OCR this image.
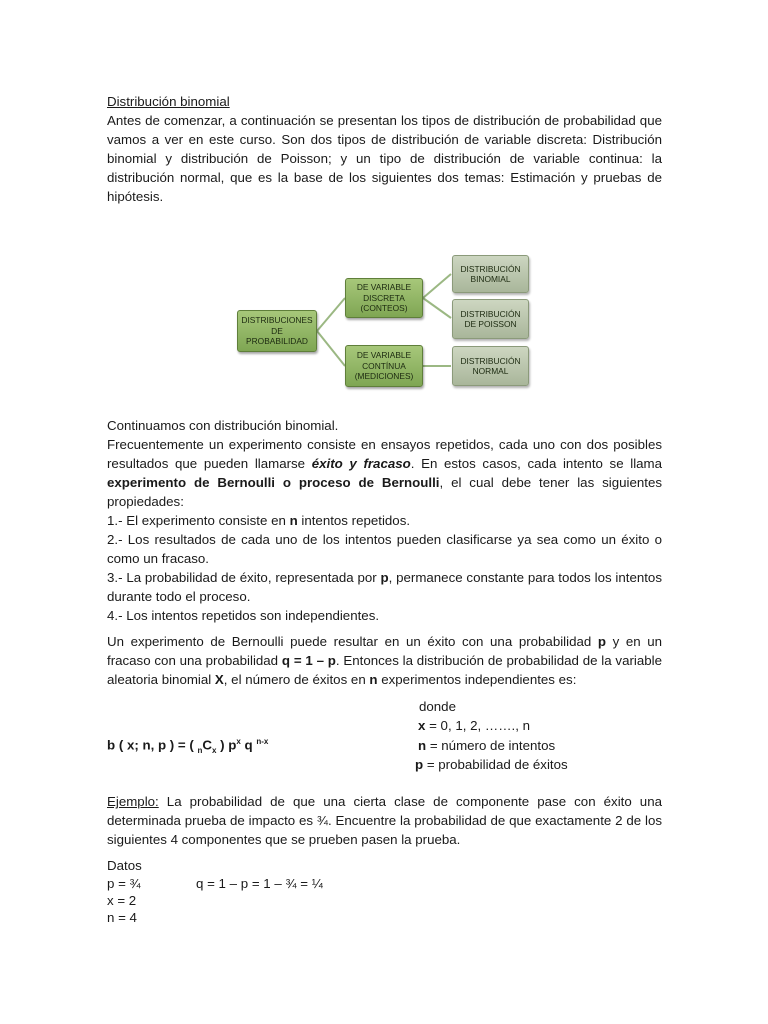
Distribución binomial

Antes de comenzar, a continuación se presentan los tipos de distribución de probabilidad que vamos a ver en este curso. Son dos tipos de distribución de variable discreta: Distribución binomial y distribución de Poisson; y un tipo de distribución de variable continua: la distribución normal, que es la base de los siguientes dos temas: Estimación y pruebas de hipótesis.

DISTRIBUCIONES DE PROBABILIDAD
DE VARIABLE DISCRETA (CONTEOS)
DE VARIABLE CONTÍNUA (MEDICIONES)
DISTRIBUCIÓN BINOMIAL
DISTRIBUCIÓN DE POISSON
DISTRIBUCIÓN NORMAL

Continuamos con distribución binomial.

Frecuentemente un experimento consiste en ensayos repetidos, cada uno con dos posibles resultados que pueden llamarse éxito y fracaso. En estos casos, cada intento se llama experimento de Bernoulli o proceso de Bernoulli, el cual debe tener las siguientes propiedades:

1.- El experimento consiste en n intentos repetidos.

2.- Los resultados de cada uno de los intentos pueden clasificarse ya sea como un éxito o como un fracaso.

3.- La probabilidad de éxito, representada por p, permanece constante para todos los intentos durante todo el proceso.

4.- Los intentos repetidos son independientes.

Un experimento de Bernoulli puede resultar en un éxito con una probabilidad p y en un fracaso con una probabilidad q = 1 – p. Entonces la distribución de probabilidad de la variable aleatoria binomial X, el número de éxitos en n experimentos independientes es:

b ( x; n, p ) = ( $_nC_x$ ) $p^x$ q $^{n-x}$
donde
x = 0, 1, 2, ……., n
n = número de intentos
p = probabilidad de éxitos

Ejemplo: La probabilidad de que una cierta clase de componente pase con éxito una determinada prueba de impacto es ¾. Encuentre la probabilidad de que exactamente 2 de los siguientes 4 componentes que se prueben pasen la prueba.

Datos
p = ¾	q = 1 – p = 1 – ¾ = ¼
x = 2
n = 4
